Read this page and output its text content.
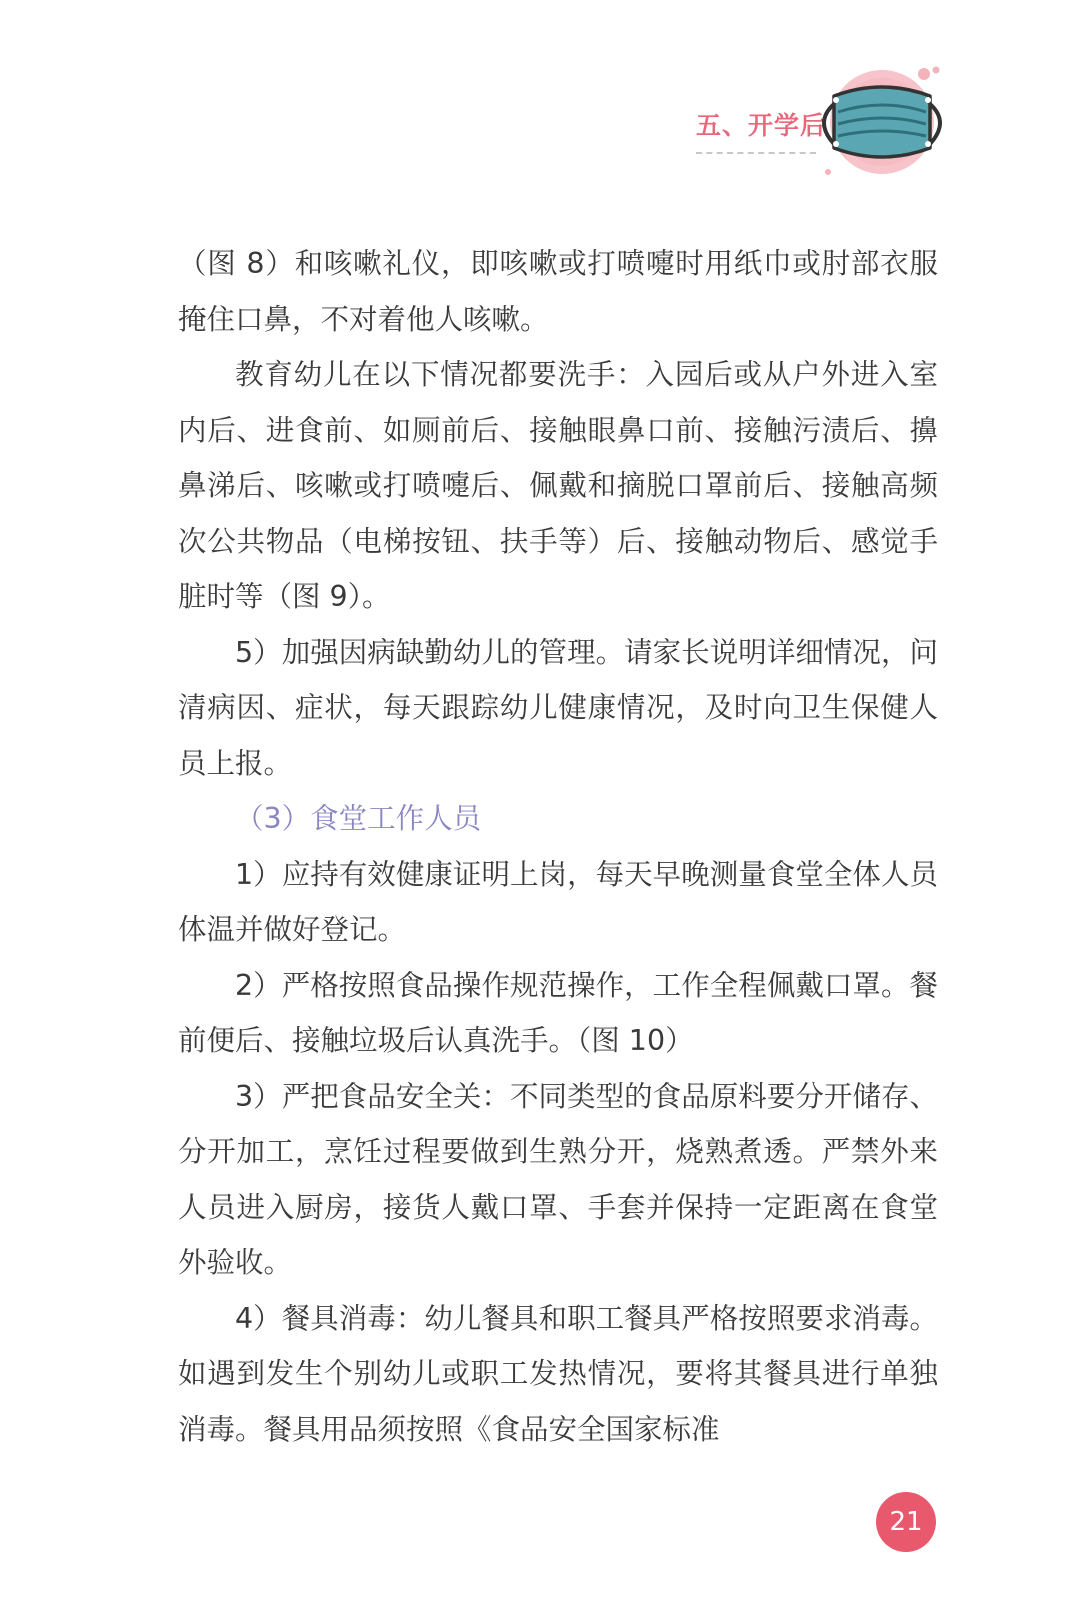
五、开学后

（图 8）和咳嗽礼仪，即咳嗽或打喷嚏时用纸巾或肘部衣服掩住口鼻，不对着他人咳嗽。

教育幼儿在以下情况都要洗手：入园后或从户外进入室内后、进食前、如厕前后、接触眼鼻口前、接触污渍后、擤鼻涕后、咳嗽或打喷嚏后、佩戴和摘脱口罩前后、接触高频次公共物品（电梯按钮、扶手等）后、接触动物后、感觉手脏时等（图 9）。

5）加强因病缺勤幼儿的管理。请家长说明详细情况，问清病因、症状，每天跟踪幼儿健康情况，及时向卫生保健人员上报。

（3）食堂工作人员

1）应持有效健康证明上岗，每天早晚测量食堂全体人员体温并做好登记。

2）严格按照食品操作规范操作，工作全程佩戴口罩。餐前便后、接触垃圾后认真洗手。（图 10）

3）严把食品安全关：不同类型的食品原料要分开储存、分开加工，烹饪过程要做到生熟分开，烧熟煮透。严禁外来人员进入厨房，接货人戴口罩、手套并保持一定距离在食堂外验收。

4）餐具消毒：幼儿餐具和职工餐具严格按照要求消毒。如遇到发生个别幼儿或职工发热情况，要将其餐具进行单独消毒。餐具用品须按照《食品安全国家标准

21
